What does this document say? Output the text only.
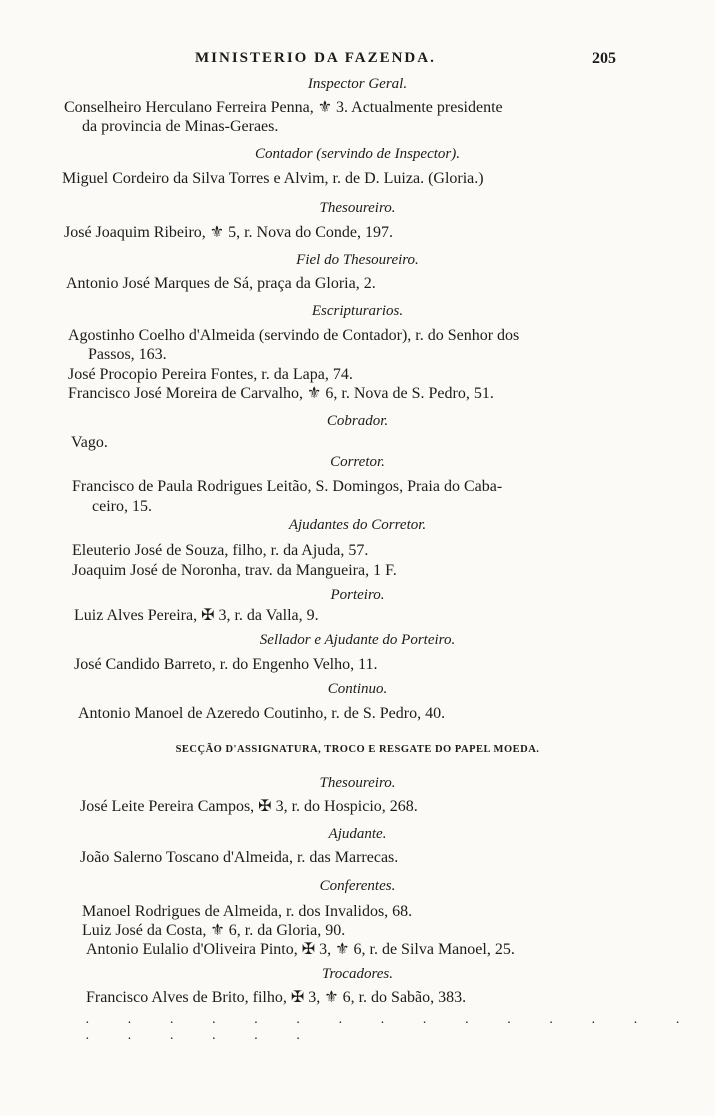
MINISTERIO DA FAZENDA.	205
Inspector Geral.
Conselheiro Herculano Ferreira Penna, ⚜ 3. Actualmente presidente
da provincia de Minas-Geraes.
Contador (servindo de Inspector).
Miguel Cordeiro da Silva Torres e Alvim, r. de D. Luiza. (Gloria.)
Thesoureiro.
José Joaquim Ribeiro, ⚜ 5, r. Nova do Conde, 197.
Fiel do Thesoureiro.
Antonio José Marques de Sá, praça da Gloria, 2.
Escripturarios.
Agostinho Coelho d'Almeida (servindo de Contador), r. do Senhor dos
Passos, 163.
José Procopio Pereira Fontes, r. da Lapa, 74.
Francisco José Moreira de Carvalho, ⚜ 6, r. Nova de S. Pedro, 51.
Cobrador.
Vago.
Corretor.
Francisco de Paula Rodrigues Leitão, S. Domingos, Praia do Caba-
ceiro, 15.
Ajudantes do Corretor.
Eleuterio José de Souza, filho, r. da Ajuda, 57.
Joaquim José de Noronha, trav. da Mangueira, 1 F.
Porteiro.
Luiz Alves Pereira, ✠ 3, r. da Valla, 9.
Sellador e Ajudante do Porteiro.
José Candido Barreto, r. do Engenho Velho, 11.
Continuo.
Antonio Manoel de Azeredo Coutinho, r. de S. Pedro, 40.
SECÇÃO D'ASSIGNATURA, TROCO E RESGATE DO PAPEL MOEDA.
Thesoureiro.
José Leite Pereira Campos, ✠ 3, r. do Hospicio, 268.
Ajudante.
João Salerno Toscano d'Almeida, r. das Marrecas.
Conferentes.
Manoel Rodrigues de Almeida, r. dos Invalidos, 68.
Luiz José da Costa, ⚜ 6, r. da Gloria, 90.
Antonio Eulalio d'Oliveira Pinto, ✠ 3, ⚜ 6, r. de Silva Manoel, 25.
Trocadores.
Francisco Alves de Brito, filho, ✠ 3, ⚜ 6, r. do Sabão, 383.
· · · · · · · · · · · · · · · · · · · · ·
